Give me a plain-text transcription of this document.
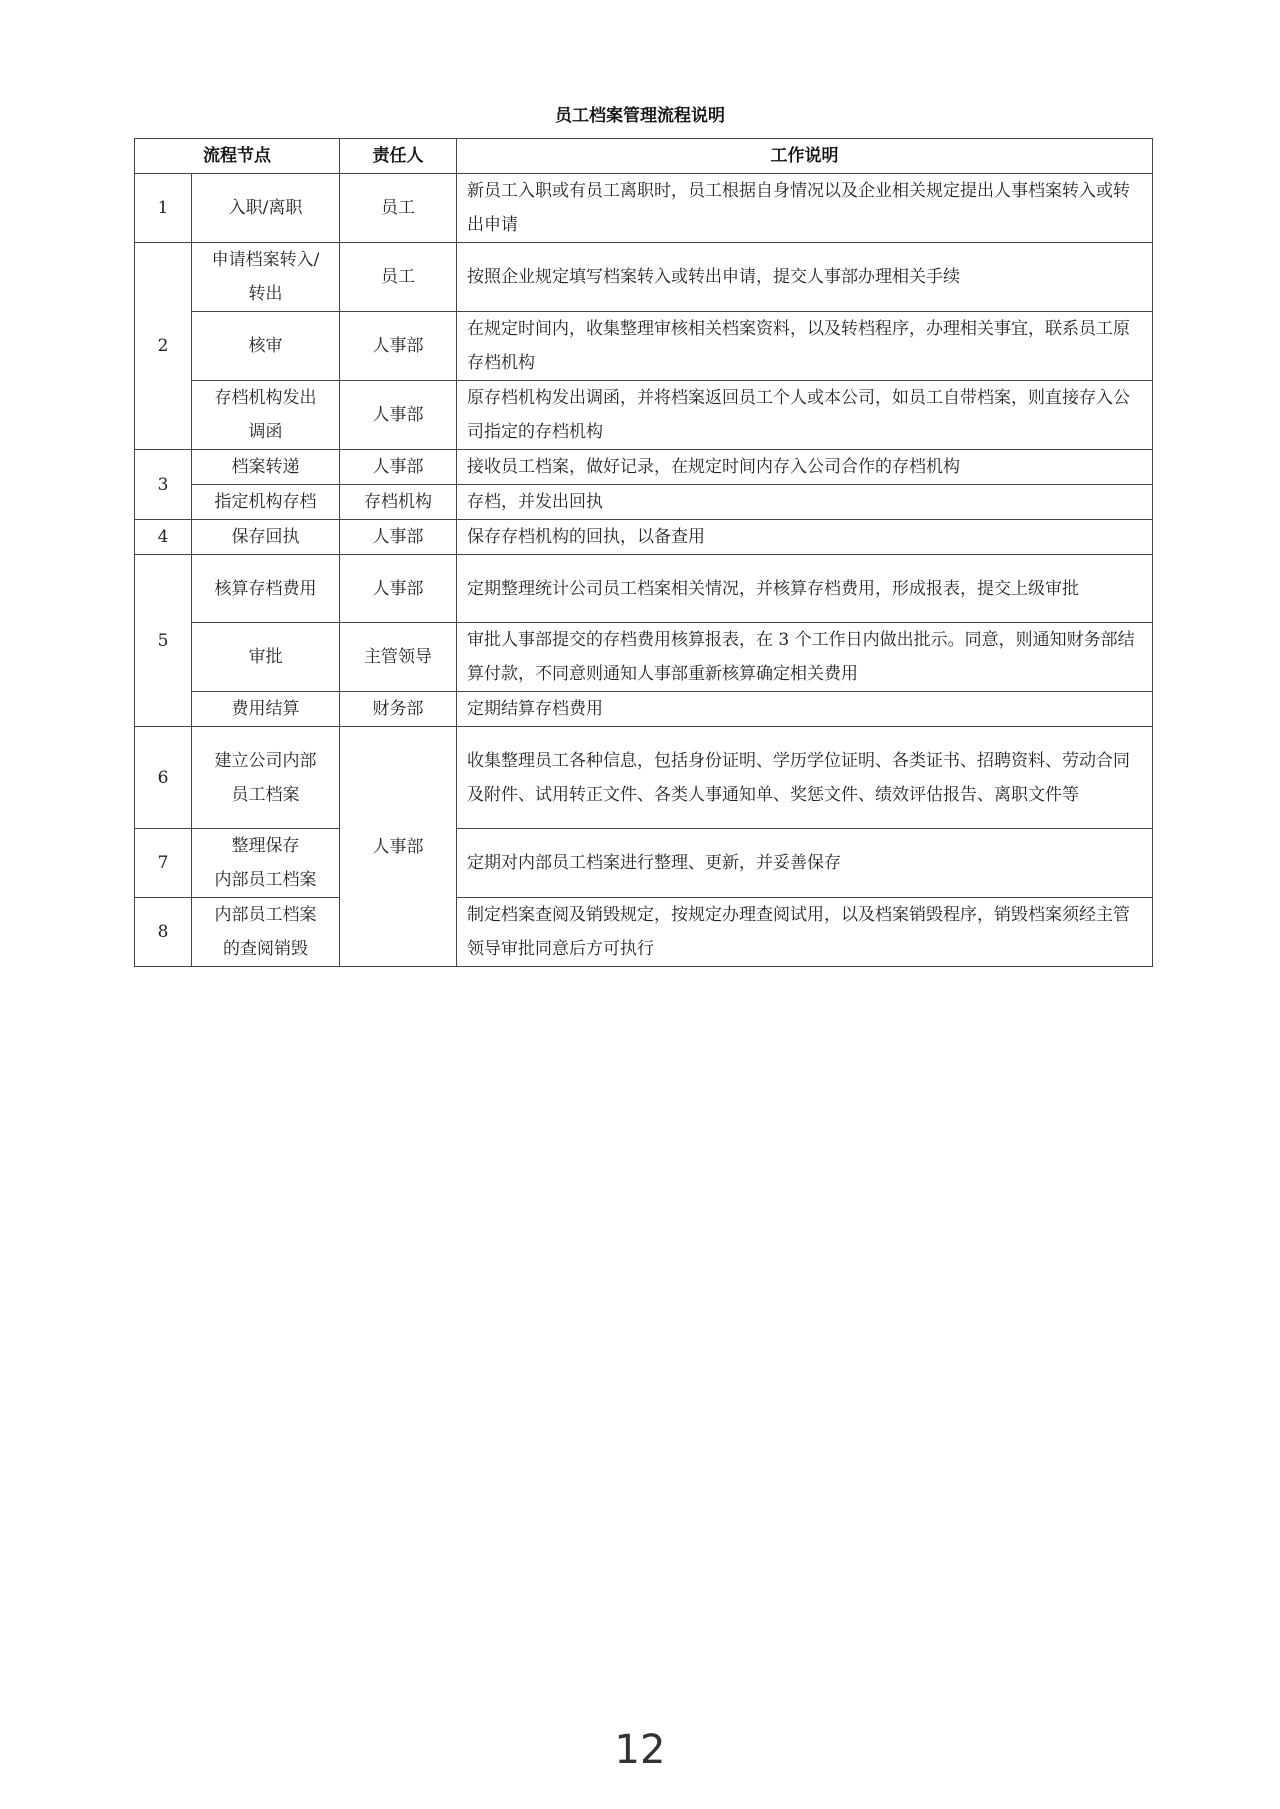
员工档案管理流程说明
流程节点		责任人	工作说明
1	入职/离职	员工	新员工入职或有员工离职时，员工根据自身情况以及企业相关规定提出人事档案转入或转出申请
2	申请档案转入/
转出	员工	按照企业规定填写档案转入或转出申请，提交人事部办理相关手续

	核审	人事部	在规定时间内，收集整理审核相关档案资料，以及转档程序，办理相关事宜，联系员工原存档机构

	存档机构发出
调函	人事部	原存档机构发出调函，并将档案返回员工个人或本公司，如员工自带档案，则直接存入公司指定的存档机构
3	档案转递	人事部	接收员工档案，做好记录，在规定时间内存入公司合作的存档机构

	指定机构存档	存档机构	存档，并发出回执
4	保存回执	人事部	保存存档机构的回执，以备查用
5	核算存档费用	人事部	定期整理统计公司员工档案相关情况，并核算存档费用，形成报表，提交上级审批

	审批	主管领导	审批人事部提交的存档费用核算报表，在 3 个工作日内做出批示。同意，则通知财务部结算付款，不同意则通知人事部重新核算确定相关费用

	费用结算	财务部	定期结算存档费用
6	建立公司内部
员工档案	人事部	收集整理员工各种信息，包括身份证明、学历学位证明、各类证书、招聘资料、劳动合同及附件、试用转正文件、各类人事通知单、奖惩文件、绩效评估报告、离职文件等
7	整理保存
内部员工档案		定期对内部员工档案进行整理、更新，并妥善保存
8	内部员工档案
的查阅销毁		制定档案查阅及销毁规定，按规定办理查阅试用，以及档案销毁程序，销毁档案须经主管领导审批同意后方可执行
12
